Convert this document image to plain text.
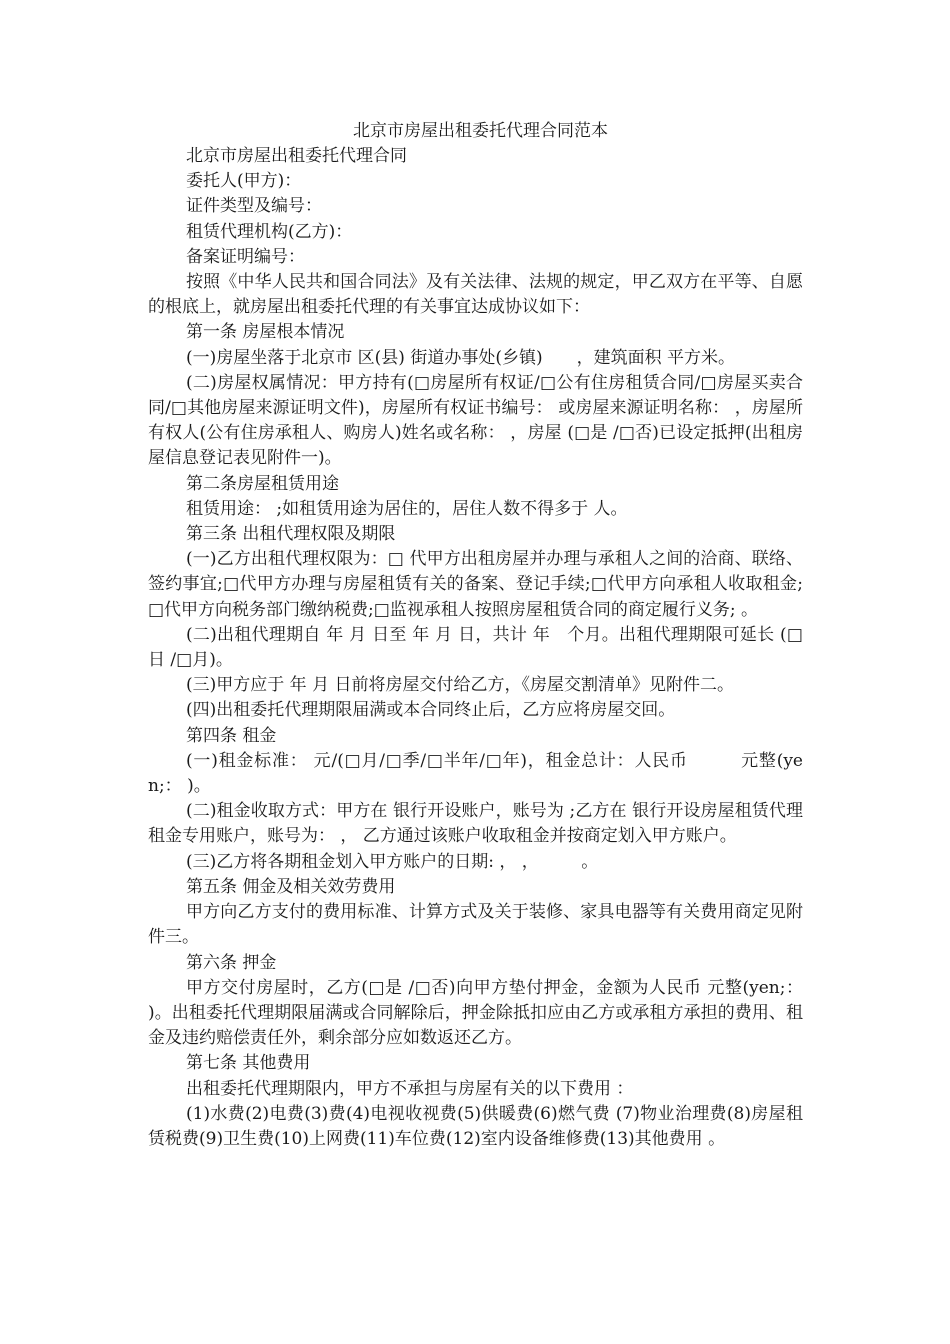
北京市房屋出租委托代理合同范本

北京市房屋出租委托代理合同

委托人(甲方)：

证件类型及编号：

租赁代理机构(乙方)：

备案证明编号：

按照《中华人民共和国合同法》及有关法律、法规的规定，甲乙双方在平等、自愿的根底上，就房屋出租委托代理的有关事宜达成协议如下：

第一条 房屋根本情况

(一)房屋坐落于北京市 区(县) 街道办事处(乡镇)　　，建筑面积 平方米。

(二)房屋权属情况：甲方持有(□房屋所有权证/□公有住房租赁合同/□房屋买卖合同/□其他房屋来源证明文件)，房屋所有权证书编号： 或房屋来源证明名称： ，房屋所有权人(公有住房承租人、购房人)姓名或名称： ，房屋 (□是 /□否)已设定抵押(出租房屋信息登记表见附件一)。

第二条房屋租赁用途

租赁用途： ;如租赁用途为居住的，居住人数不得多于 人。

第三条 出租代理权限及期限

(一)乙方出租代理权限为：□ 代甲方出租房屋并办理与承租人之间的洽商、联络、签约事宜;□代甲方办理与房屋租赁有关的备案、登记手续;□代甲方向承租人收取租金;□代甲方向税务部门缴纳税费;□监视承租人按照房屋租赁合同的商定履行义务; 。

(二)出租代理期自 年 月 日至 年 月 日，共计 年　个月。出租代理期限可延长 (□日 /□月)。

(三)甲方应于 年 月 日前将房屋交付给乙方，《房屋交割清单》见附件二。

(四)出租委托代理期限届满或本合同终止后，乙方应将房屋交回。

第四条 租金

(一)租金标准： 元/(□月/□季/□半年/□年)，租金总计：人民币　　　元整(yen;： )。

(二)租金收取方式：甲方在 银行开设账户，账号为 ;乙方在 银行开设房屋租赁代理租金专用账户，账号为： ， 乙方通过该账户收取租金并按商定划入甲方账户。

(三)乙方将各期租金划入甲方账户的日期: ， ，　　　。

第五条 佣金及相关效劳费用

甲方向乙方支付的费用标准、计算方式及关于装修、家具电器等有关费用商定见附件三。

第六条 押金

甲方交付房屋时，乙方(□是 /□否)向甲方垫付押金，金额为人民币 元整(yen;： )。出租委托代理期限届满或合同解除后，押金除抵扣应由乙方或承租方承担的费用、租金及违约赔偿责任外，剩余部分应如数返还乙方。

第七条 其他费用

出租委托代理期限内，甲方不承担与房屋有关的以下费用 ：

(1)水费(2)电费(3)费(4)电视收视费(5)供暖费(6)燃气费 (7)物业治理费(8)房屋租赁税费(9)卫生费(10)上网费(11)车位费(12)室内设备维修费(13)其他费用 。
